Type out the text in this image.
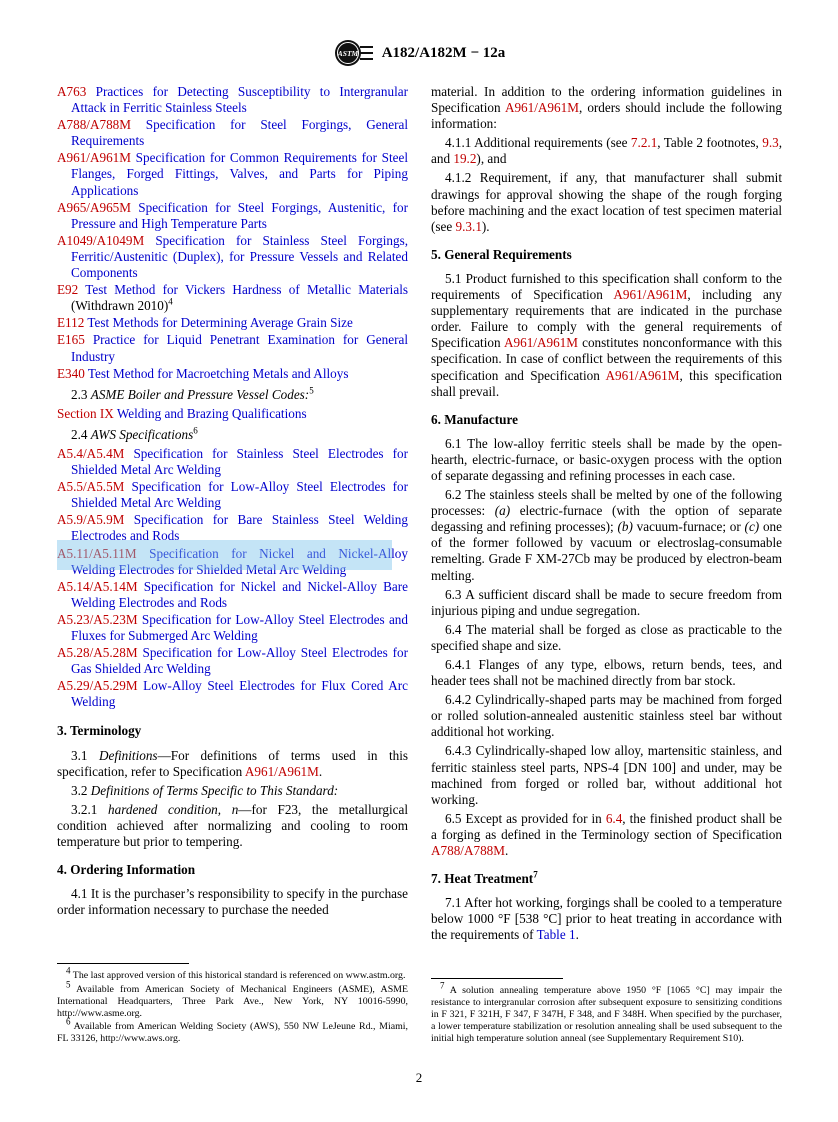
ASTM A182/A182M − 12a
A763 Practices for Detecting Susceptibility to Intergranular Attack in Ferritic Stainless Steels
A788/A788M Specification for Steel Forgings, General Requirements
A961/A961M Specification for Common Requirements for Steel Flanges, Forged Fittings, Valves, and Parts for Piping Applications
A965/A965M Specification for Steel Forgings, Austenitic, for Pressure and High Temperature Parts
A1049/A1049M Specification for Stainless Steel Forgings, Ferritic/Austenitic (Duplex), for Pressure Vessels and Related Components
E92 Test Method for Vickers Hardness of Metallic Materials (Withdrawn 2010)$^4$
E112 Test Methods for Determining Average Grain Size
E165 Practice for Liquid Penetrant Examination for General Industry
E340 Test Method for Macroetching Metals and Alloys
2.3 ASME Boiler and Pressure Vessel Codes:$^5$
Section IX Welding and Brazing Qualifications
2.4 AWS Specifications$^6$
A5.4/A5.4M Specification for Stainless Steel Electrodes for Shielded Metal Arc Welding
A5.5/A5.5M Specification for Low-Alloy Steel Electrodes for Shielded Metal Arc Welding
A5.9/A5.9M Specification for Bare Stainless Steel Welding Electrodes and Rods
A5.11/A5.11M Specification for Nickel and Nickel-Alloy Welding Electrodes for Shielded Metal Arc Welding
A5.14/A5.14M Specification for Nickel and Nickel-Alloy Bare Welding Electrodes and Rods
A5.23/A5.23M Specification for Low-Alloy Steel Electrodes and Fluxes for Submerged Arc Welding
A5.28/A5.28M Specification for Low-Alloy Steel Electrodes for Gas Shielded Arc Welding
A5.29/A5.29M Low-Alloy Steel Electrodes for Flux Cored Arc Welding
3. Terminology
3.1 Definitions—For definitions of terms used in this specification, refer to Specification A961/A961M.
3.2 Definitions of Terms Specific to This Standard:
3.2.1 hardened condition, n—for F23, the metallurgical condition achieved after normalizing and cooling to room temperature but prior to tempering.
4. Ordering Information
4.1 It is the purchaser’s responsibility to specify in the purchase order information necessary to purchase the needed
$^4$ The last approved version of this historical standard is referenced on www.astm.org.
$^5$ Available from American Society of Mechanical Engineers (ASME), ASME International Headquarters, Three Park Ave., New York, NY 10016-5990, http://www.asme.org.
$^6$ Available from American Welding Society (AWS), 550 NW LeJeune Rd., Miami, FL 33126, http://www.aws.org.
material. In addition to the ordering information guidelines in Specification A961/A961M, orders should include the following information:
4.1.1 Additional requirements (see 7.2.1, Table 2 footnotes, 9.3, and 19.2), and
4.1.2 Requirement, if any, that manufacturer shall submit drawings for approval showing the shape of the rough forging before machining and the exact location of test specimen material (see 9.3.1).
5. General Requirements
5.1 Product furnished to this specification shall conform to the requirements of Specification A961/A961M, including any supplementary requirements that are indicated in the purchase order. Failure to comply with the general requirements of Specification A961/A961M constitutes nonconformance with this specification. In case of conflict between the requirements of this specification and Specification A961/A961M, this specification shall prevail.
6. Manufacture
6.1 The low-alloy ferritic steels shall be made by the open-hearth, electric-furnace, or basic-oxygen process with the option of separate degassing and refining processes in each case.
6.2 The stainless steels shall be melted by one of the following processes: (a) electric-furnace (with the option of separate degassing and refining processes); (b) vacuum-furnace; or (c) one of the former followed by vacuum or electroslag-consumable remelting. Grade F XM-27Cb may be produced by electron-beam melting.
6.3 A sufficient discard shall be made to secure freedom from injurious piping and undue segregation.
6.4 The material shall be forged as close as practicable to the specified shape and size.
6.4.1 Flanges of any type, elbows, return bends, tees, and header tees shall not be machined directly from bar stock.
6.4.2 Cylindrically-shaped parts may be machined from forged or rolled solution-annealed austenitic stainless steel bar without additional hot working.
6.4.3 Cylindrically-shaped low alloy, martensitic stainless, and ferritic stainless steel parts, NPS-4 [DN 100] and under, may be machined from forged or rolled bar, without additional hot working.
6.5 Except as provided for in 6.4, the finished product shall be a forging as defined in the Terminology section of Specification A788/A788M.
7. Heat Treatment$^7$
7.1 After hot working, forgings shall be cooled to a temperature below 1000 °F [538 °C] prior to heat treating in accordance with the requirements of Table 1.
$^7$ A solution annealing temperature above 1950 °F [1065 °C] may impair the resistance to intergranular corrosion after subsequent exposure to sensitizing conditions in F 321, F 321H, F 347, F 347H, F 348, and F 348H. When specified by the purchaser, a lower temperature stabilization or resolution annealing shall be used subsequent to the initial high temperature solution anneal (see Supplementary Requirement S10).
2
